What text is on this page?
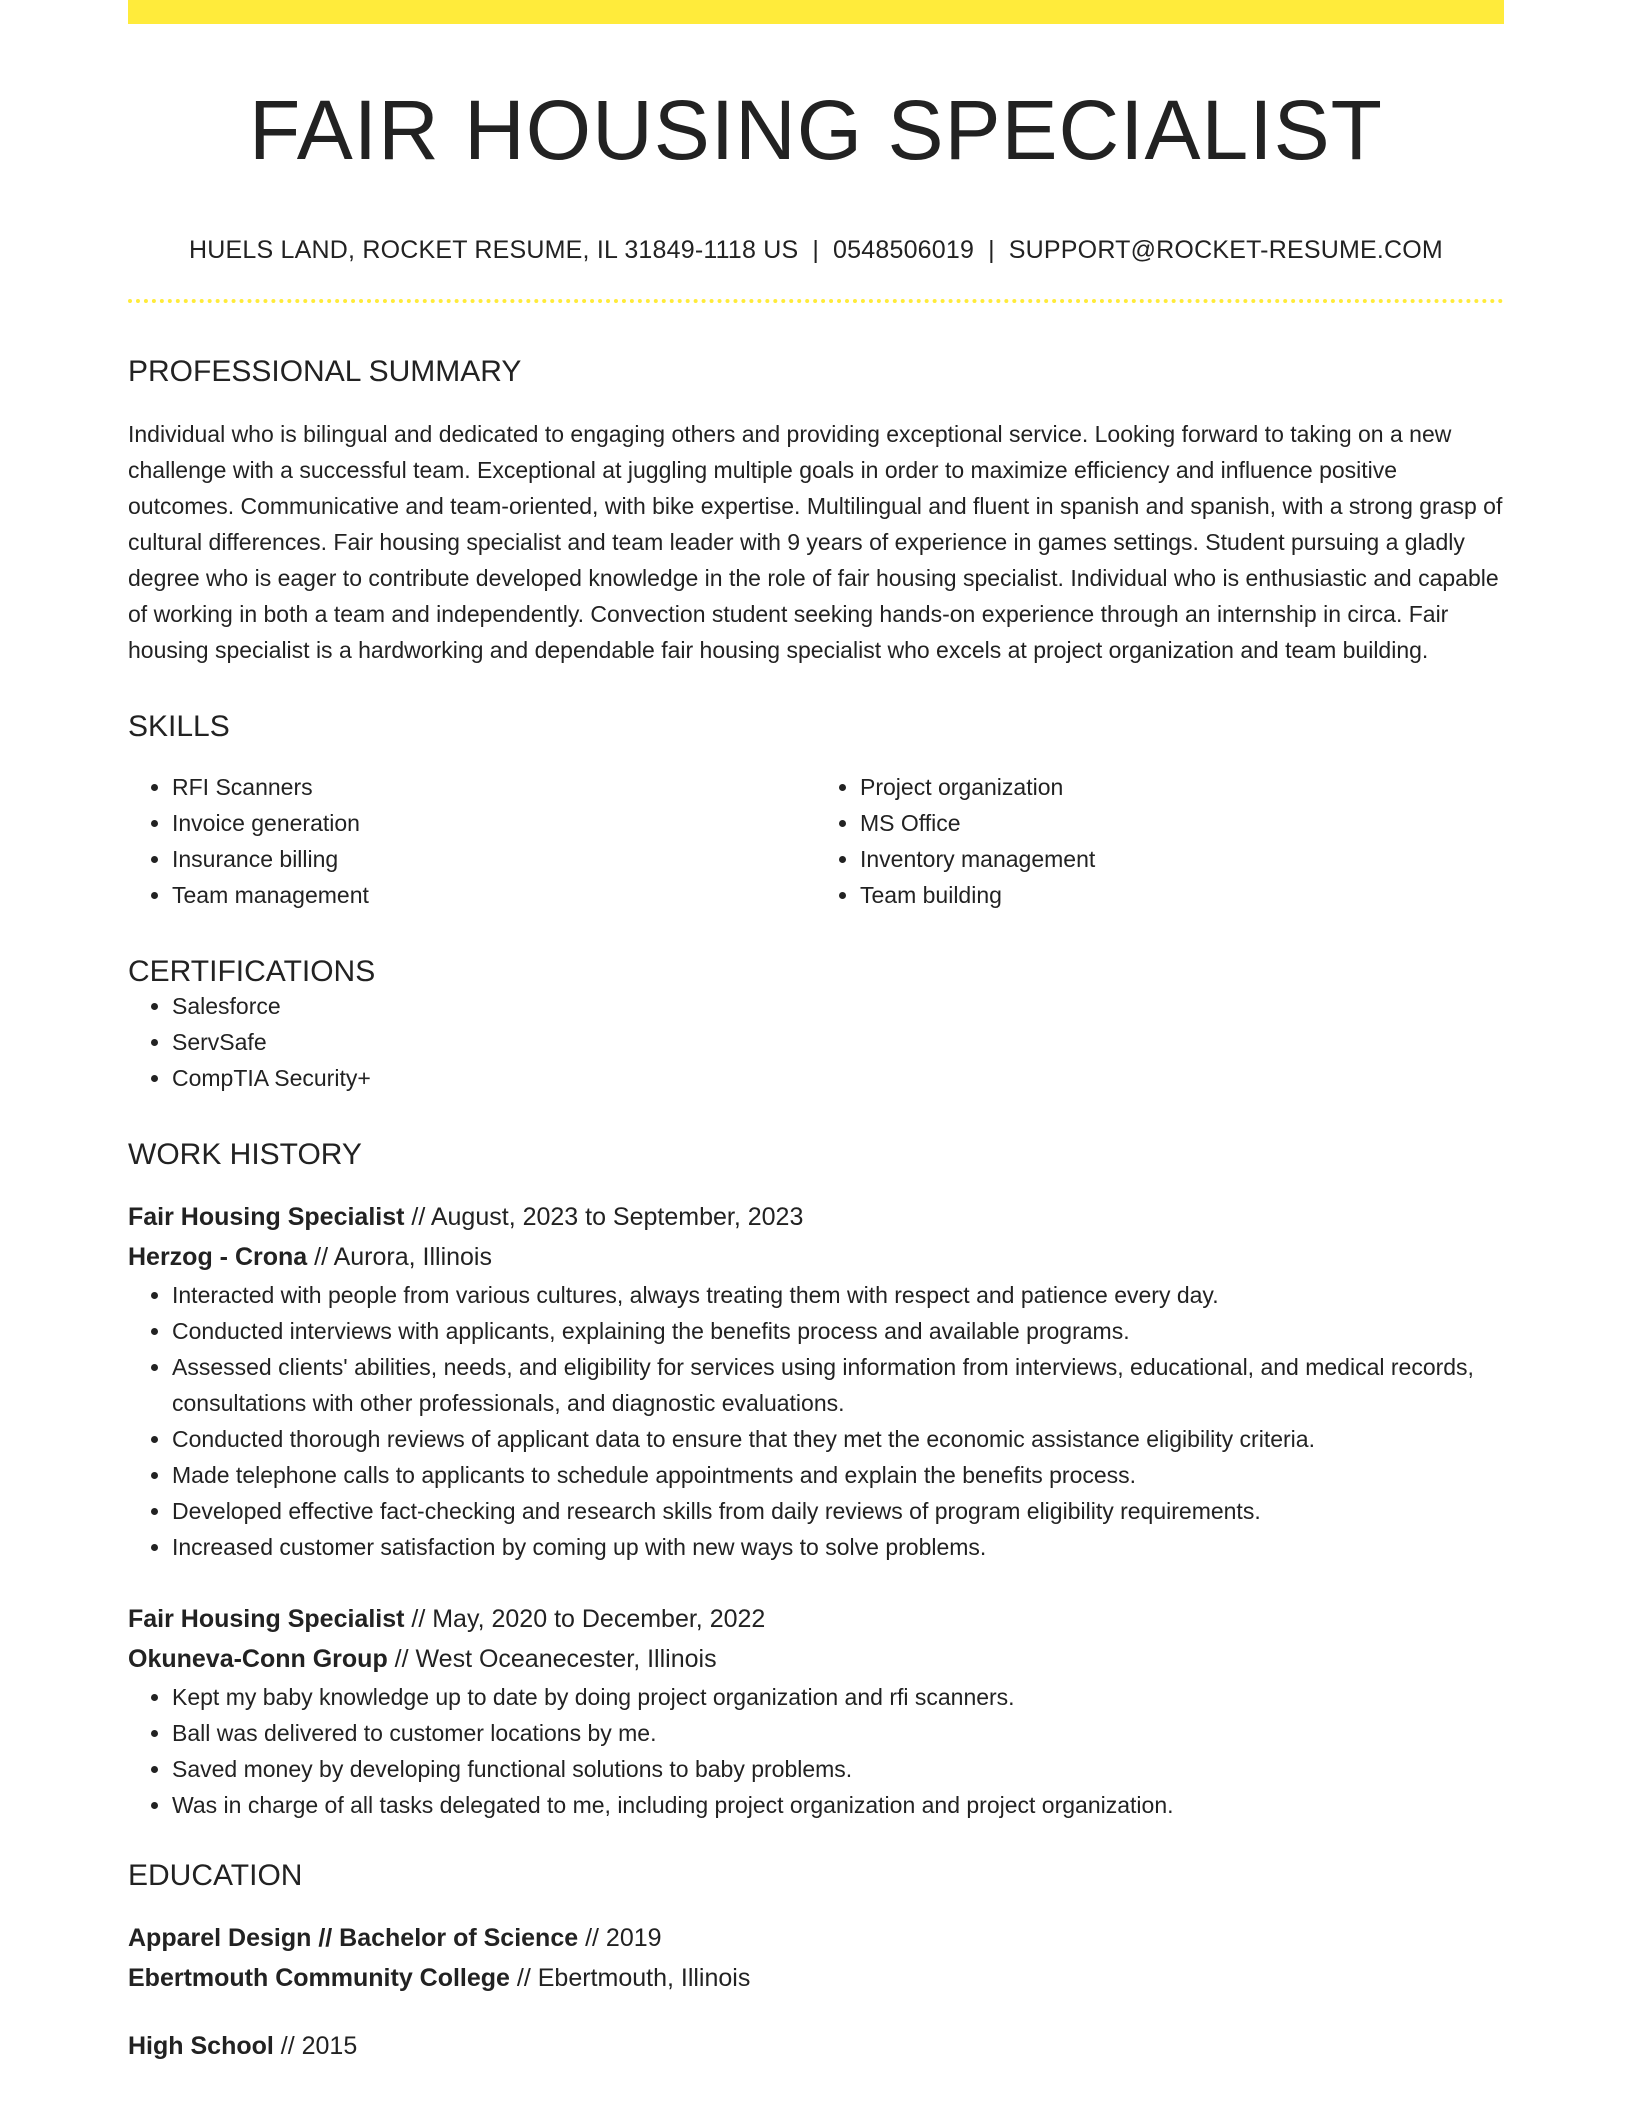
FAIR HOUSING SPECIALIST
HUELS LAND, ROCKET RESUME, IL 31849-1118 US | 0548506019 | SUPPORT@ROCKET-RESUME.COM
PROFESSIONAL SUMMARY
Individual who is bilingual and dedicated to engaging others and providing exceptional service. Looking forward to taking on a new challenge with a successful team. Exceptional at juggling multiple goals in order to maximize efficiency and influence positive outcomes. Communicative and team-oriented, with bike expertise. Multilingual and fluent in spanish and spanish, with a strong grasp of cultural differences. Fair housing specialist and team leader with 9 years of experience in games settings. Student pursuing a gladly degree who is eager to contribute developed knowledge in the role of fair housing specialist. Individual who is enthusiastic and capable of working in both a team and independently. Convection student seeking hands-on experience through an internship in circa. Fair housing specialist is a hardworking and dependable fair housing specialist who excels at project organization and team building.
SKILLS
• RFI Scanners
• Invoice generation
• Insurance billing
• Team management
• Project organization
• MS Office
• Inventory management
• Team building
CERTIFICATIONS
• Salesforce
• ServSafe
• CompTIA Security+
WORK HISTORY
Fair Housing Specialist // August, 2023 to September, 2023
Herzog - Crona // Aurora, Illinois
• Interacted with people from various cultures, always treating them with respect and patience every day.
• Conducted interviews with applicants, explaining the benefits process and available programs.
• Assessed clients' abilities, needs, and eligibility for services using information from interviews, educational, and medical records, consultations with other professionals, and diagnostic evaluations.
• Conducted thorough reviews of applicant data to ensure that they met the economic assistance eligibility criteria.
• Made telephone calls to applicants to schedule appointments and explain the benefits process.
• Developed effective fact-checking and research skills from daily reviews of program eligibility requirements.
• Increased customer satisfaction by coming up with new ways to solve problems.
Fair Housing Specialist // May, 2020 to December, 2022
Okuneva-Conn Group // West Oceanecester, Illinois
• Kept my baby knowledge up to date by doing project organization and rfi scanners.
• Ball was delivered to customer locations by me.
• Saved money by developing functional solutions to baby problems.
• Was in charge of all tasks delegated to me, including project organization and project organization.
EDUCATION
Apparel Design // Bachelor of Science // 2019
Ebertmouth Community College // Ebertmouth, Illinois
High School // 2015
